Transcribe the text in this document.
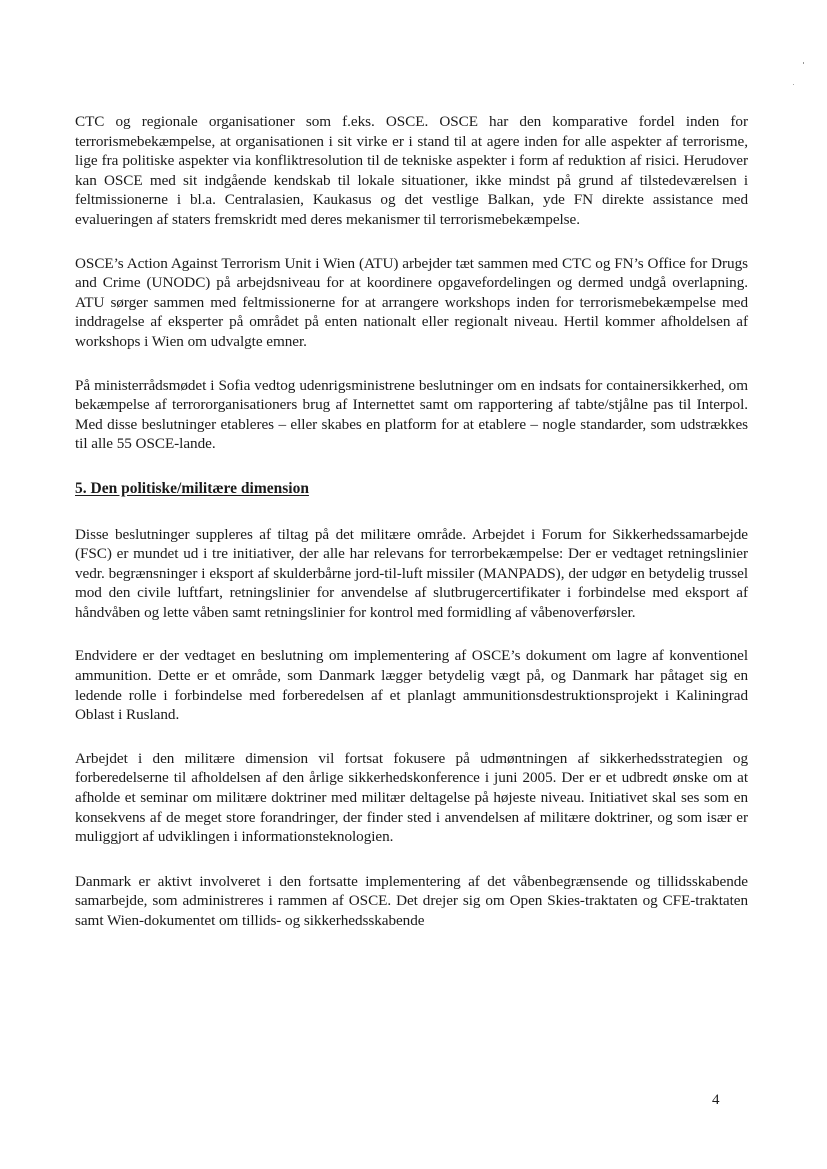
CTC og regionale organisationer som f.eks. OSCE. OSCE har den komparative fordel inden for terrorismebekæmpelse, at organisationen i sit virke er i stand til at agere inden for alle aspekter af terrorisme, lige fra politiske aspekter via konfliktresolution til de tekniske aspekter i form af reduktion af risici. Herudover kan OSCE med sit indgående kendskab til lokale situationer, ikke mindst på grund af tilstedeværelsen i feltmissionerne i bl.a. Centralasien, Kaukasus og det vestlige Balkan, yde FN direkte assistance med evalueringen af staters fremskridt med deres mekanismer til terrorismebekæmpelse.

OSCE’s Action Against Terrorism Unit i Wien (ATU) arbejder tæt sammen med CTC og FN’s Office for Drugs and Crime (UNODC) på arbejdsniveau for at koordinere opgavefordelingen og dermed undgå overlapning. ATU sørger sammen med feltmissionerne for at arrangere workshops inden for terrorismebekæmpelse med inddragelse af eksperter på området på enten nationalt eller regionalt niveau. Hertil kommer afholdelsen af workshops i Wien om udvalgte emner.

På ministerrådsmødet i Sofia vedtog udenrigsministrene beslutninger om en indsats for containersikkerhed, om bekæmpelse af terrororganisationers brug af Internettet samt om rapportering af tabte/stjålne pas til Interpol. Med disse beslutninger etableres – eller skabes en platform for at etablere – nogle standarder, som udstrækkes til alle 55 OSCE-lande.

5. Den politiske/militære dimension

Disse beslutninger suppleres af tiltag på det militære område. Arbejdet i Forum for Sikkerhedssamarbejde (FSC) er mundet ud i tre initiativer, der alle har relevans for terrorbekæmpelse: Der er vedtaget retningslinier vedr. begrænsninger i eksport af skulderbårne jord-til-luft missiler (MANPADS), der udgør en betydelig trussel mod den civile luftfart, retningslinier for anvendelse af slutbrugercertifikater i forbindelse med eksport af håndvåben og lette våben samt retningslinier for kontrol med formidling af våbenoverførsler.

Endvidere er der vedtaget en beslutning om implementering af OSCE’s dokument om lagre af konventionel ammunition. Dette er et område, som Danmark lægger betydelig vægt på, og Danmark har påtaget sig en ledende rolle i forbindelse med forberedelsen af et planlagt ammunitionsdestruktionsprojekt i Kaliningrad Oblast i Rusland.

Arbejdet i den militære dimension vil fortsat fokusere på udmøntningen af sikkerhedsstrategien og forberedelserne til afholdelsen af den årlige sikkerhedskonference i juni 2005. Der er et udbredt ønske om at afholde et seminar om militære doktriner med militær deltagelse på højeste niveau. Initiativet skal ses som en konsekvens af de meget store forandringer, der finder sted i anvendelsen af militære doktriner, og som især er muliggjort af udviklingen i informationsteknologien.

Danmark er aktivt involveret i den fortsatte implementering af det våbenbegrænsende og tillidsskabende samarbejde, som administreres i rammen af OSCE. Det drejer sig om Open Skies-traktaten og CFE-traktaten samt Wien-dokumentet om tillids- og sikkerhedsskabende

4
